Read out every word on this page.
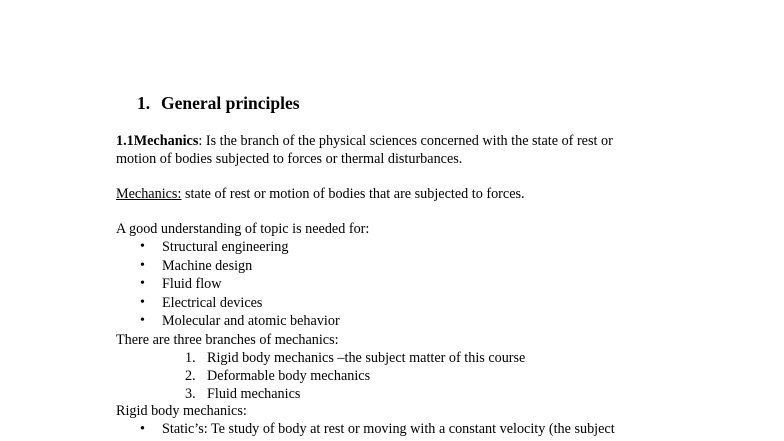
1. General principles
1.1Mechanics: Is the branch of the physical sciences concerned with the state of rest or
motion of bodies subjected to forces or thermal disturbances.
Mechanics: state of rest or motion of bodies that are subjected to forces.
A good understanding of topic is needed for:
• Structural engineering
• Machine design
• Fluid flow
• Electrical devices
• Molecular and atomic behavior
There are three branches of mechanics:
1. Rigid body mechanics –the subject matter of this course
2. Deformable body mechanics
3. Fluid mechanics
Rigid body mechanics:
• Static’s: Te study of body at rest or moving with a constant velocity (the subject
